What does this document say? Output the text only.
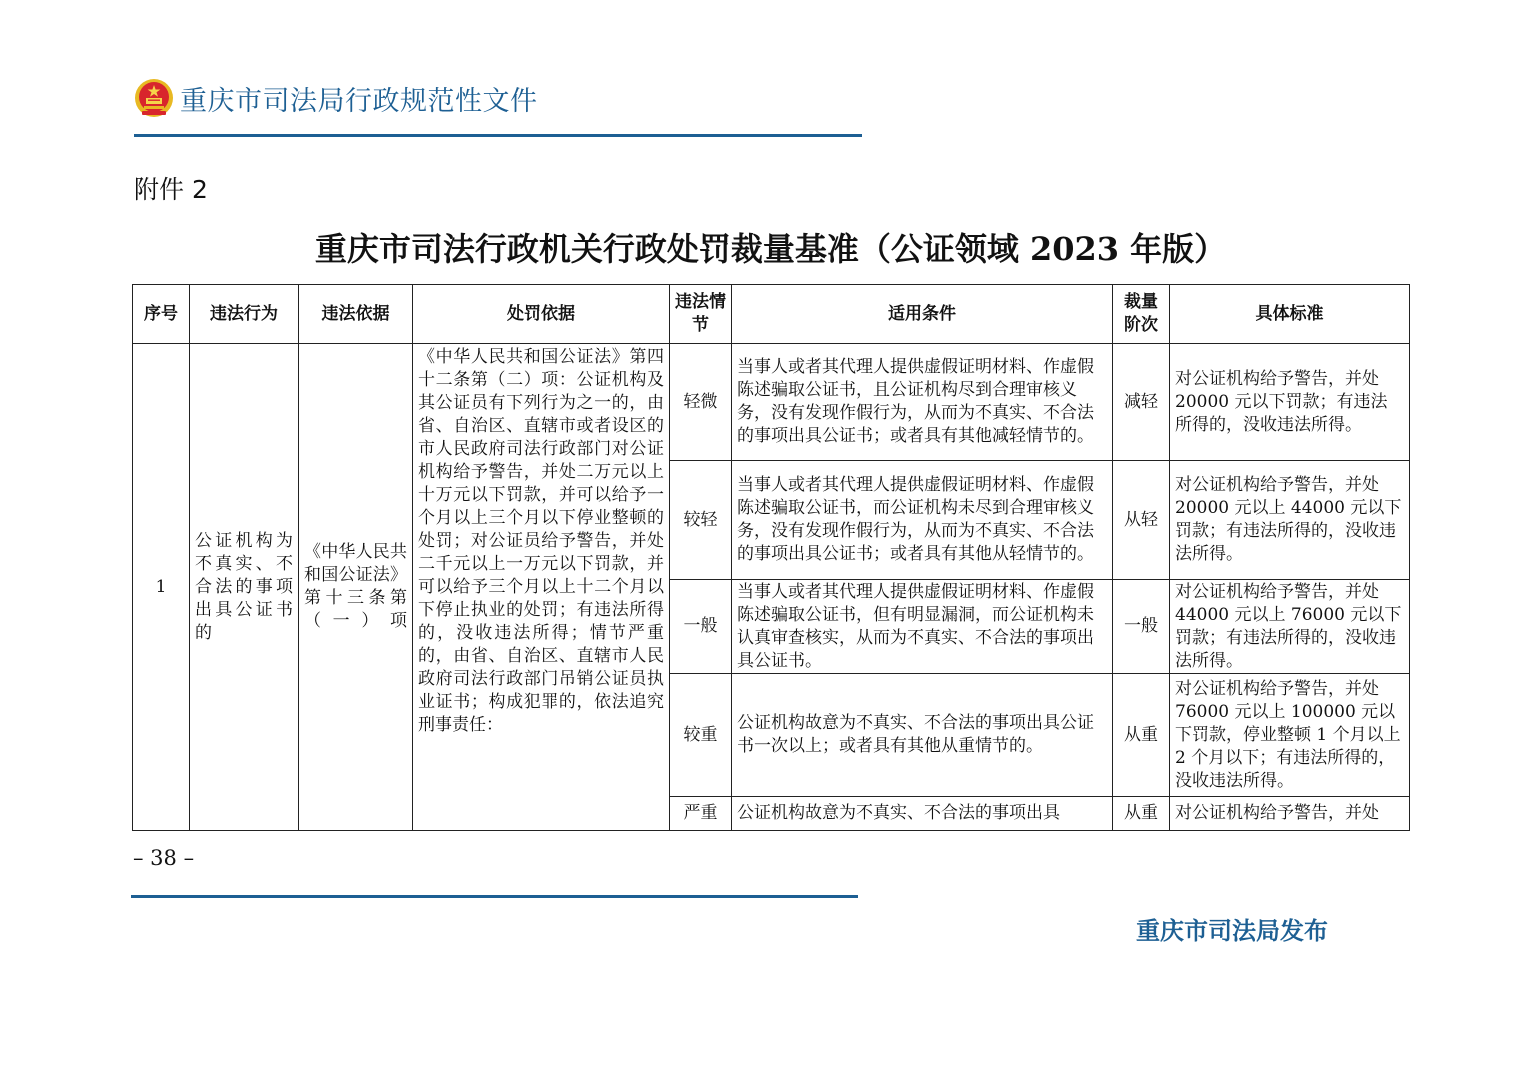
重庆市司法局行政规范性文件
附件 2
重庆市司法行政机关行政处罚裁量基准（公证领域 2023 年版）
序号	违法行为	违法依据	处罚依据	违法情节	适用条件	裁量阶次	具体标准
1	公证机构为不真实、不合法的事项出具公证书的	《中华人民共和国公证法》第十三条第（一）项	《中华人民共和国公证法》第四十二条第（二）项：公证机构及其公证员有下列行为之一的，由省、自治区、直辖市或者设区的市人民政府司法行政部门对公证机构给予警告，并处二万元以上十万元以下罚款，并可以给予一个月以上三个月以下停业整顿的处罚；对公证员给予警告，并处二千元以上一万元以下罚款，并可以给予三个月以上十二个月以下停止执业的处罚；有违法所得的，没收违法所得；情节严重的，由省、自治区、直辖市人民政府司法行政部门吊销公证员执业证书；构成犯罪的，依法追究刑事责任：	轻微	当事人或者其代理人提供虚假证明材料、作虚假陈述骗取公证书，且公证机构尽到合理审核义务，没有发现作假行为，从而为不真实、不合法的事项出具公证书；或者具有其他减轻情节的。	减轻	对公证机构给予警告，并处20000 元以下罚款；有违法所得的，没收违法所得。
				较轻	当事人或者其代理人提供虚假证明材料、作虚假陈述骗取公证书，而公证机构未尽到合理审核义务，没有发现作假行为，从而为不真实、不合法的事项出具公证书；或者具有其他从轻情节的。	从轻	对公证机构给予警告，并处20000 元以上 44000 元以下罚款；有违法所得的，没收违法所得。
				一般	当事人或者其代理人提供虚假证明材料、作虚假陈述骗取公证书，但有明显漏洞，而公证机构未认真审查核实，从而为不真实、不合法的事项出具公证书。	一般	对公证机构给予警告，并处44000 元以上 76000 元以下罚款；有违法所得的，没收违法所得。
				较重	公证机构故意为不真实、不合法的事项出具公证书一次以上；或者具有其他从重情节的。	从重	对公证机构给予警告，并处76000 元以上 100000 元以下罚款，停业整顿 1 个月以上 2 个月以下；有违法所得的，没收违法所得。
				严重	公证机构故意为不真实、不合法的事项出具	从重	对公证机构给予警告，并处
– 38 –
重庆市司法局发布
